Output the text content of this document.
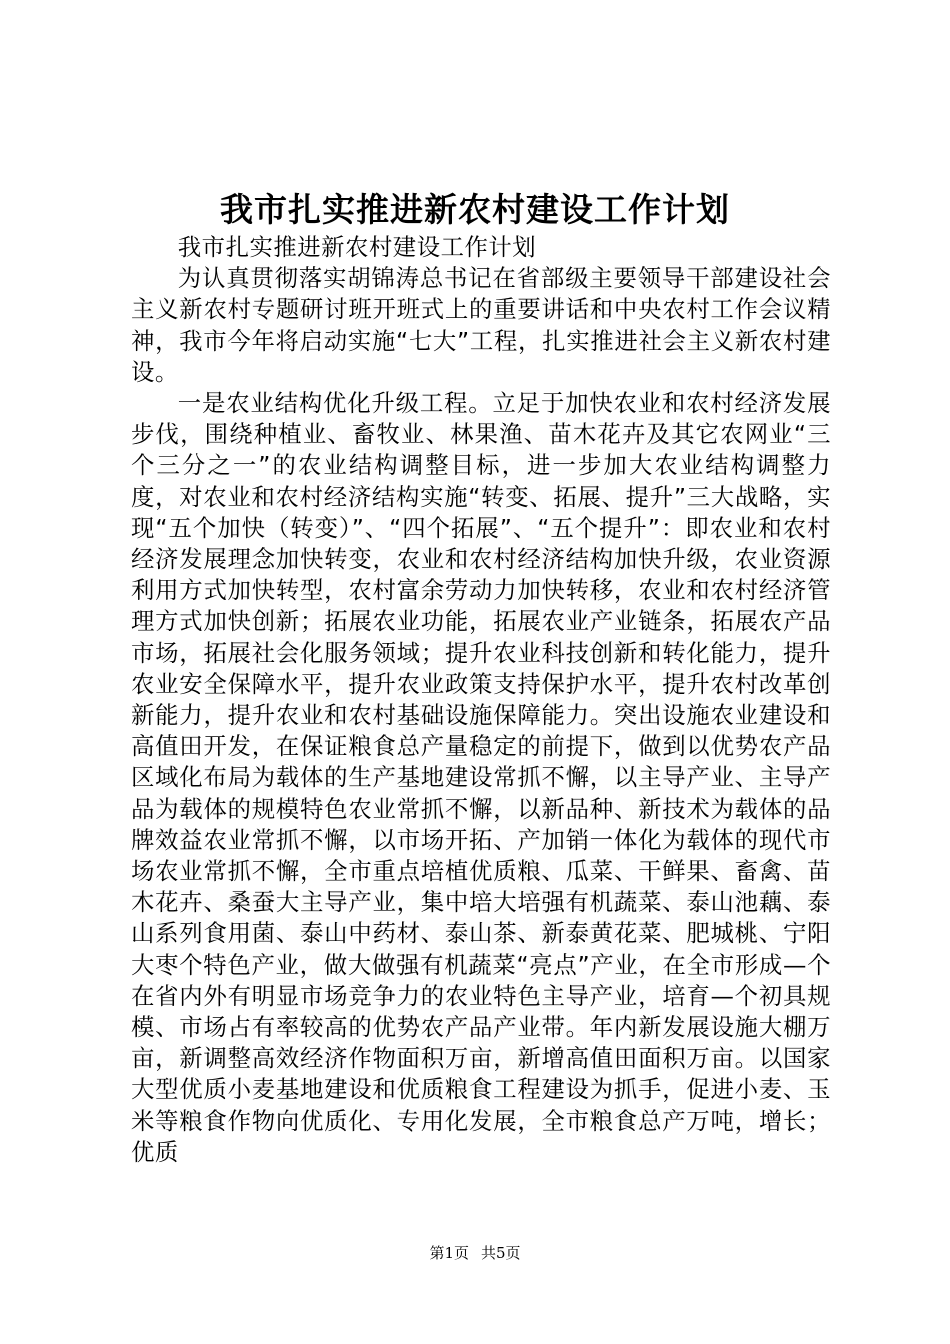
我市扎实推进新农村建设工作计划

我市扎实推进新农村建设工作计划

为认真贯彻落实胡锦涛总书记在省部级主要领导干部建设社会主义新农村专题研讨班开班式上的重要讲话和中央农村工作会议精神，我市今年将启动实施“七大”工程，扎实推进社会主义新农村建设。

一是农业结构优化升级工程。立足于加快农业和农村经济发展步伐，围绕种植业、畜牧业、林果渔、苗木花卉及其它农网业“三个三分之一”的农业结构调整目标，进一步加大农业结构调整力度，对农业和农村经济结构实施“转变、拓展、提升”三大战略，实现“五个加快（转变）”、“四个拓展”、“五个提升”：即农业和农村经济发展理念加快转变，农业和农村经济结构加快升级，农业资源利用方式加快转型，农村富余劳动力加快转移，农业和农村经济管理方式加快创新；拓展农业功能，拓展农业产业链条，拓展农产品市场，拓展社会化服务领域；提升农业科技创新和转化能力，提升农业安全保障水平，提升农业政策支持保护水平，提升农村改革创新能力，提升农业和农村基础设施保障能力。突出设施农业建设和高值田开发，在保证粮食总产量稳定的前提下，做到以优势农产品区域化布局为载体的生产基地建设常抓不懈，以主导产业、主导产品为载体的规模特色农业常抓不懈，以新品种、新技术为载体的品牌效益农业常抓不懈，以市场开拓、产加销一体化为载体的现代市场农业常抓不懈，全市重点培植优质粮、瓜菜、干鲜果、畜禽、苗木花卉、桑蚕大主导产业，集中培大培强有机蔬菜、泰山池藕、泰山系列食用菌、泰山中药材、泰山茶、新泰黄花菜、肥城桃、宁阳大枣个特色产业，做大做强有机蔬菜“亮点”产业，在全市形成—个在省内外有明显市场竞争力的农业特色主导产业，培育—个初具规模、市场占有率较高的优势农产品产业带。年内新发展设施大棚万亩，新调整高效经济作物面积万亩，新增高值田面积万亩。以国家大型优质小麦基地建设和优质粮食工程建设为抓手，促进小麦、玉米等粮食作物向优质化、专用化发展，全市粮食总产万吨，增长；优质

第1页 共5页
